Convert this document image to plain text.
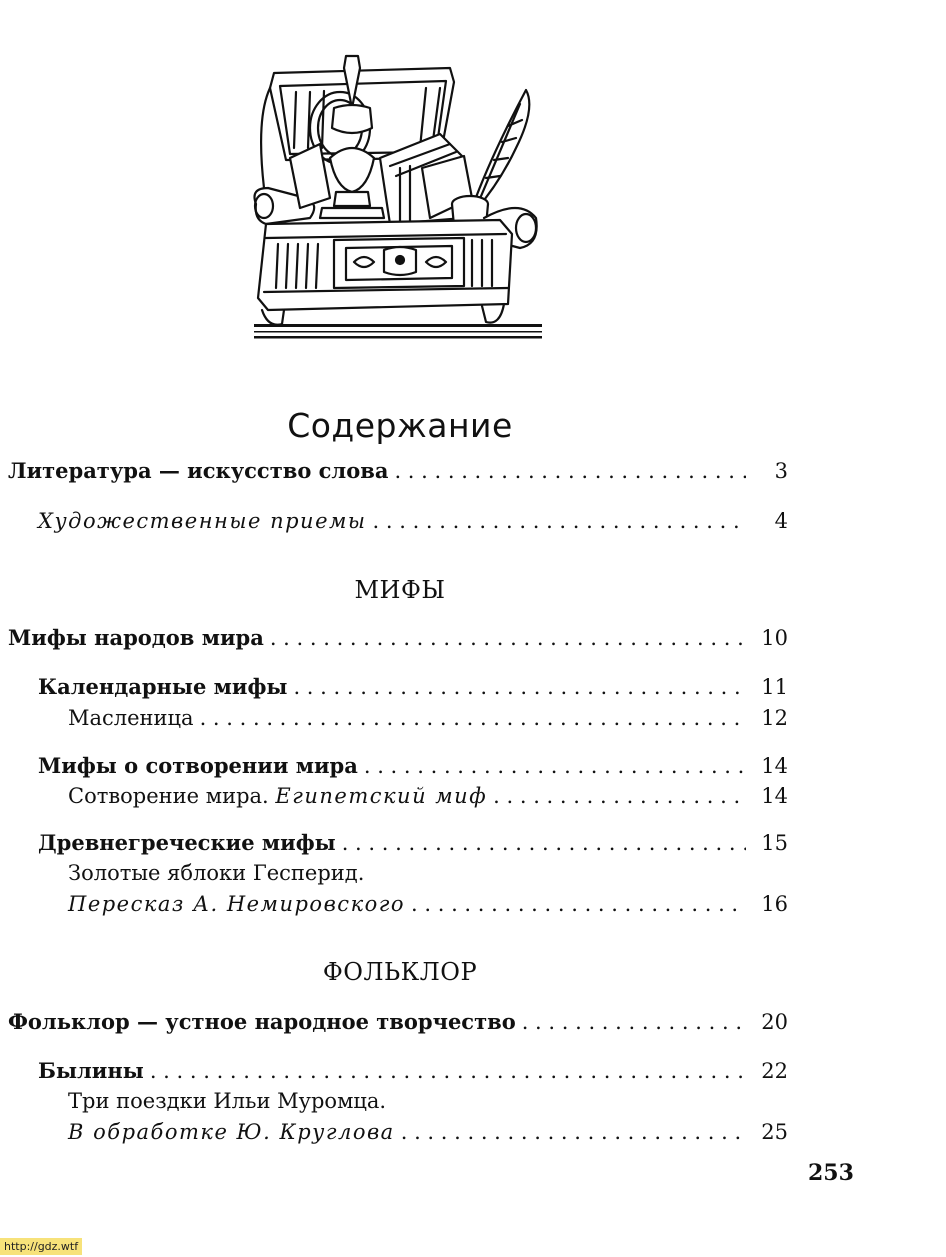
Содержание
Литература — искусство слова . . .	3
Художественные приемы . . .	4
МИФЫ
Мифы народов мира . . .	10
Календарные мифы . . .	11
Масленица . . .	12
Мифы о сотворении мира . . .	14
Сотворение мира. Египетский миф . . .	14
Древнегреческие мифы . . .	15
Золотые яблоки Гесперид.
Пересказ А. Немировского . . .	16
ФОЛЬКЛОР
Фольклор — устное народное творчество . . .	20
Былины . . .	22
Три поездки Ильи Муромца.
В обработке Ю. Круглова . . .	25
253
http://gdz.wtf
